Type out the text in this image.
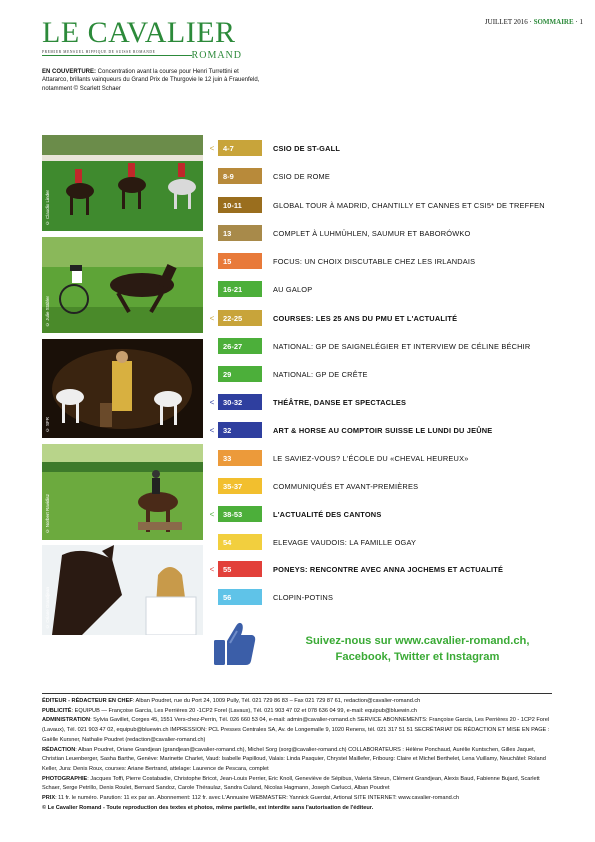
LE CAVALIER
PREMIER MENSUEL HIPPIQUE DE SUISSE ROMANDE	ROMAND
JUILLET 2016 · SOMMAIRE · 1
EN COUVERTURE: Concentration avant la course pour Henri Turrettini et Attararco, brillants vainqueurs du Grand Prix de Thurgovie le 12 juin à Frauenfeld, notamment © Scarlett Schaer
© Claudio Linder
© Julie Stäbler
© SFR
© Norbert Ravidisz
© Oriane Grandjean
<	4-7	CSIO DE ST-GALL
8-9	CSIO DE ROME
10-11	GLOBAL TOUR À MADRID, CHANTILLY ET CANNES ET CSI5* DE TREFFEN
13	COMPLET À LUHMÜHLEN, SAUMUR ET BABORÓWKO
15	FOCUS: UN CHOIX DISCUTABLE CHEZ LES IRLANDAIS
16-21	AU GALOP
<	22-25	COURSES: LES 25 ANS DU PMU ET L'ACTUALITÉ
26-27	NATIONAL: GP DE SAIGNELÉGIER ET INTERVIEW DE CÉLINE BÉCHIR
29	NATIONAL: GP DE CRÊTE
<	30-32	THÉÂTRE, DANSE ET SPECTACLES
<	32	ART & HORSE AU COMPTOIR SUISSE LE LUNDI DU JEÛNE
33	LE SAVIEZ-VOUS? L'ÉCOLE DU «CHEVAL HEUREUX»
35-37	COMMUNIQUÉS ET AVANT-PREMIÈRES
<	38-53	L'ACTUALITÉ DES CANTONS
54	ELEVAGE VAUDOIS: LA FAMILLE OGAY
<	55	PONEYS: RENCONTRE AVEC ANNA JOCHEMS ET ACTUALITÉ
56	CLOPIN-POTINS
Suivez-nous sur www.cavalier-romand.ch,
Facebook, Twitter et Instagram
ÉDITEUR - RÉDACTEUR EN CHEF: Alban Poudret, rue du Port 24, 1009 Pully, Tél. 021 729 86 83 – Fax 021 729 87 61, redaction@cavalier-romand.ch
PUBLICITÉ: EQUIPUB — Françoise Garcia, Les Perrières 20 -1CP2 Forel (Lavaux), Tél. 021 903 47 02 et 078 636 04 99, e-mail: equipub@bluewin.ch
ADMINISTRATION: Sylvia Gavillet, Corges 45, 1551 Vers-chez-Perrin, Tél. 026 660 53 04, e-mail: admin@cavalier-romand.ch SERVICE ABONNEMENTS: Françoise Garcia, Les Perrières 20 - 1CP2 Forel (Lavaux), Tél. 021 903 47 02, equipub@bluewin.ch IMPRESSION: PCL Presses Centrales SA, Av. de Longemalle 9, 1020 Renens, tél. 021 317 51 51 SECRÉTARIAT DE RÉDACTION ET MISE EN PAGE : Gaëlle Kursner, Nathalie Poudret (redaction@cavalier-romand.ch)
RÉDACTION: Alban Poudret, Oriane Grandjean (grandjean@cavalier-romand.ch), Michel Sorg (sorg@cavalier-romand.ch) COLLABORATEURS : Hélène Ponchaud, Aurélie Kuntschen, Gilles Jaquet, Christian Leuenberger, Sasha Barthe, Genève: Marinette Charlet, Vaud: Isabelle Papilloud, Valais: Linda Pasquier, Chrystel Maillefer, Fribourg: Claire et Michel Berthelet, Lena Vuillamy, Neuchâtel: Roland Keller, Jura: Denis Roux, courses: Ariane Bertrand, attelage: Laurence de Pescara, complet
PHOTOGRAPHIE: Jacques Toffi, Pierre Costabadie, Christophe Bricot, Jean-Louis Perrier, Eric Knoll, Geneviève de Sépibus, Valeria Streun, Clément Grandjean, Alexis Baud, Fabienne Bujard, Scarlett Schaer, Serge Petrillo, Denis Roulet, Bernard Sandoz, Carole Théraulaz, Sandra Culand, Nicolas Hagmann, Joseph Carlucci, Alban Poudret
PRIX: 11 fr. le numéro. Parution: 11 ex par an. Abonnement: 112 fr. avec L'Annuaire WEBMASTER: Yannick Guerdat, Artional SITE INTERNET: www.cavalier-romand.ch
© Le Cavalier Romand - Toute reproduction des textes et photos, même partielle, est interdite sans l'autorisation de l'éditeur.
